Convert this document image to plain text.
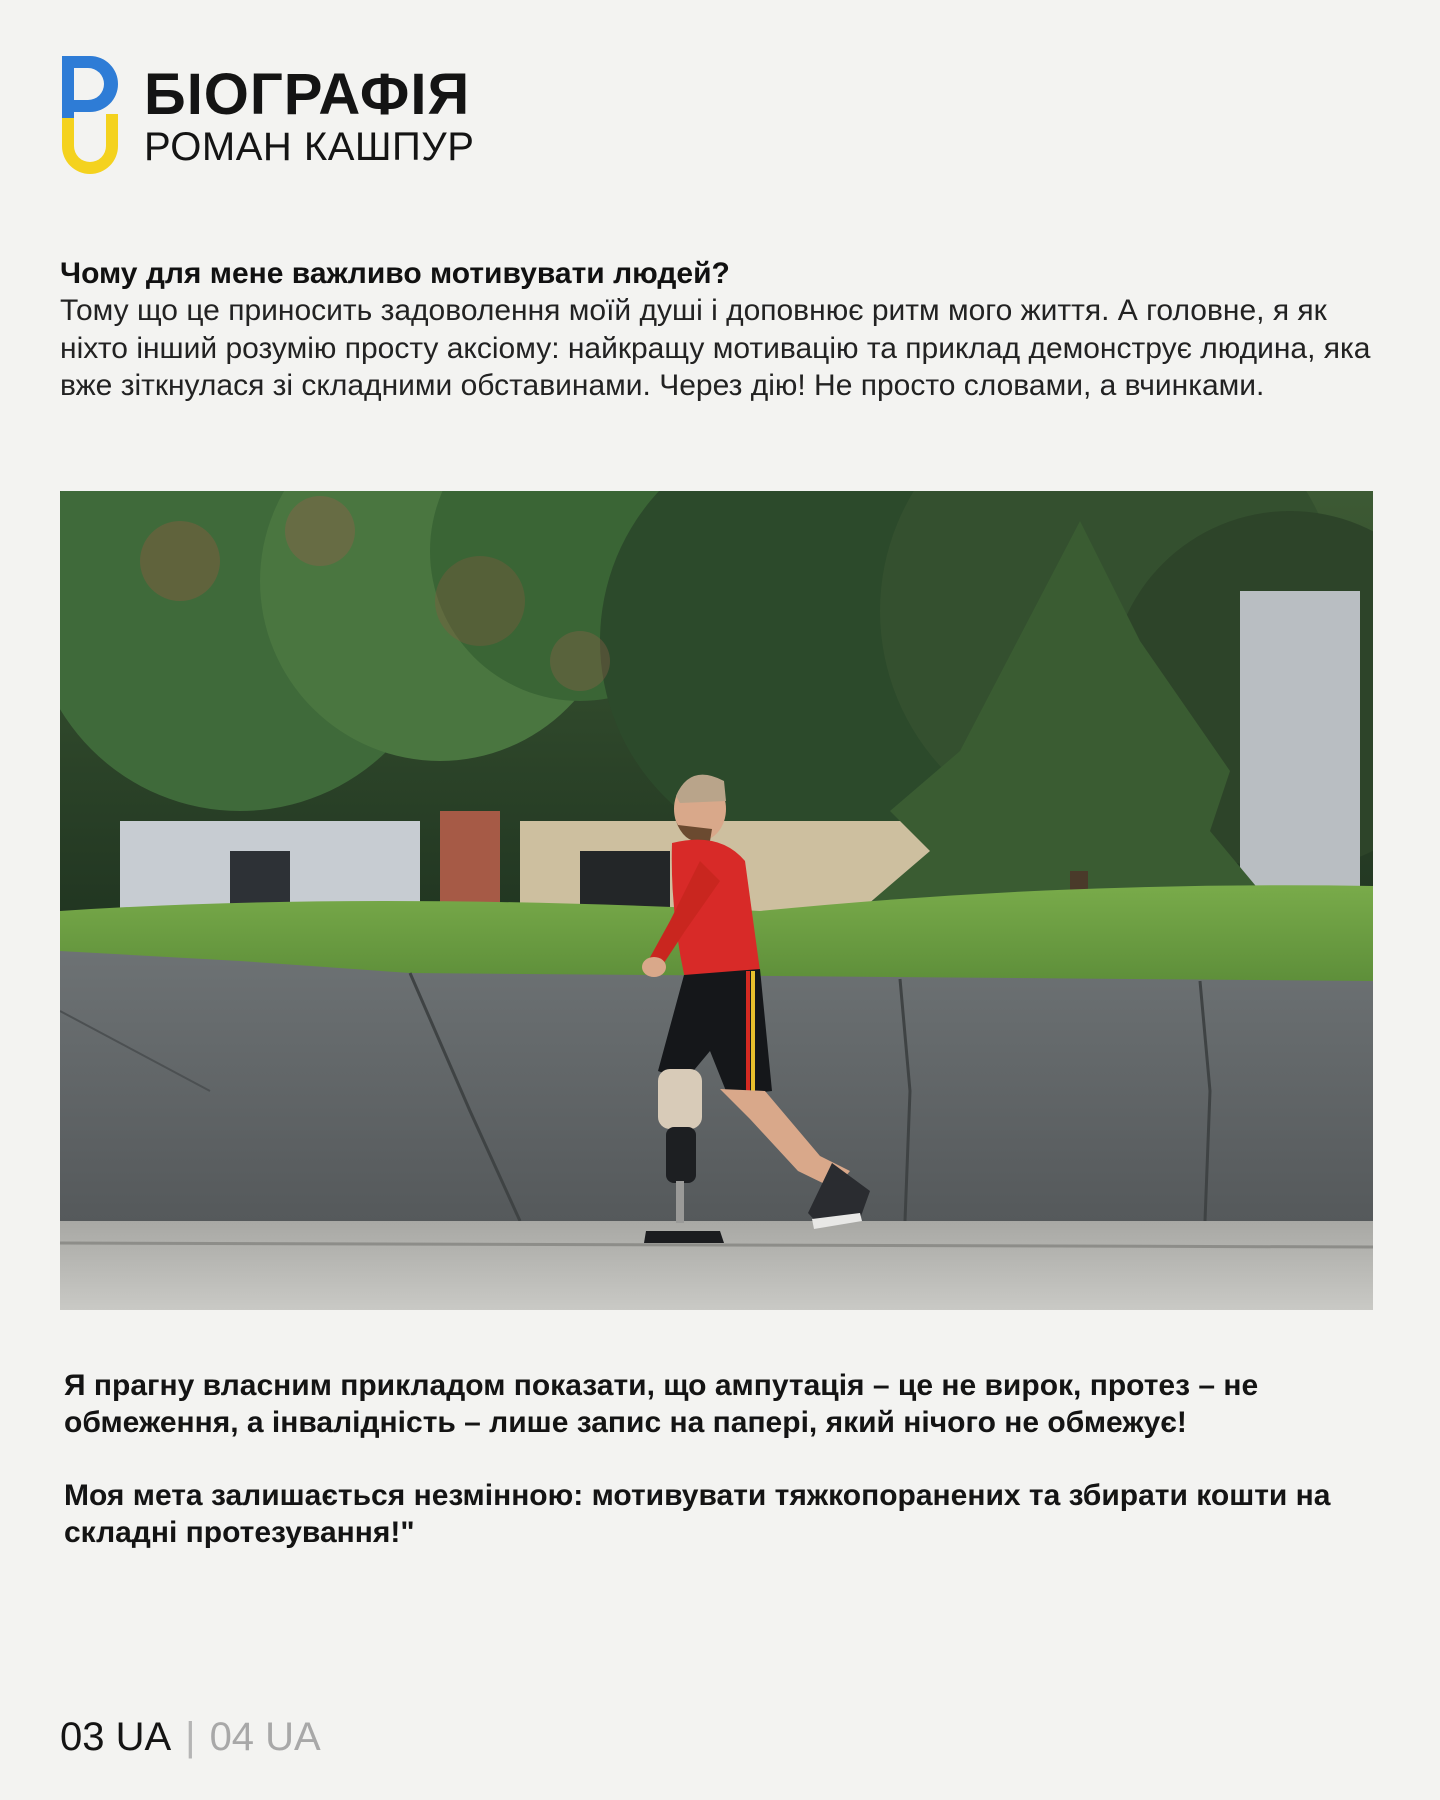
БІОГРАФІЯ
РОМАН КАШПУР
Чому для мене важливо мотивувати людей?
Тому що це приносить задоволення моїй душі і доповнює ритм мого життя. А головне, я як ніхто інший розумію просту аксіому: найкращу мотивацію та приклад демонструє людина, яка вже зіткнулася зі складними обставинами. Через дію! Не просто словами, а вчинками.

Я прагну власним прикладом показати, що ампутація – це не вирок, протез – не обмеження, а інвалідність – лише запис на папері, який нічого не обмежує!

Моя мета залишається незмінною: мотивувати тяжкопоранених та збирати кошти на складні протезування!"

03 UA | 04 UA
